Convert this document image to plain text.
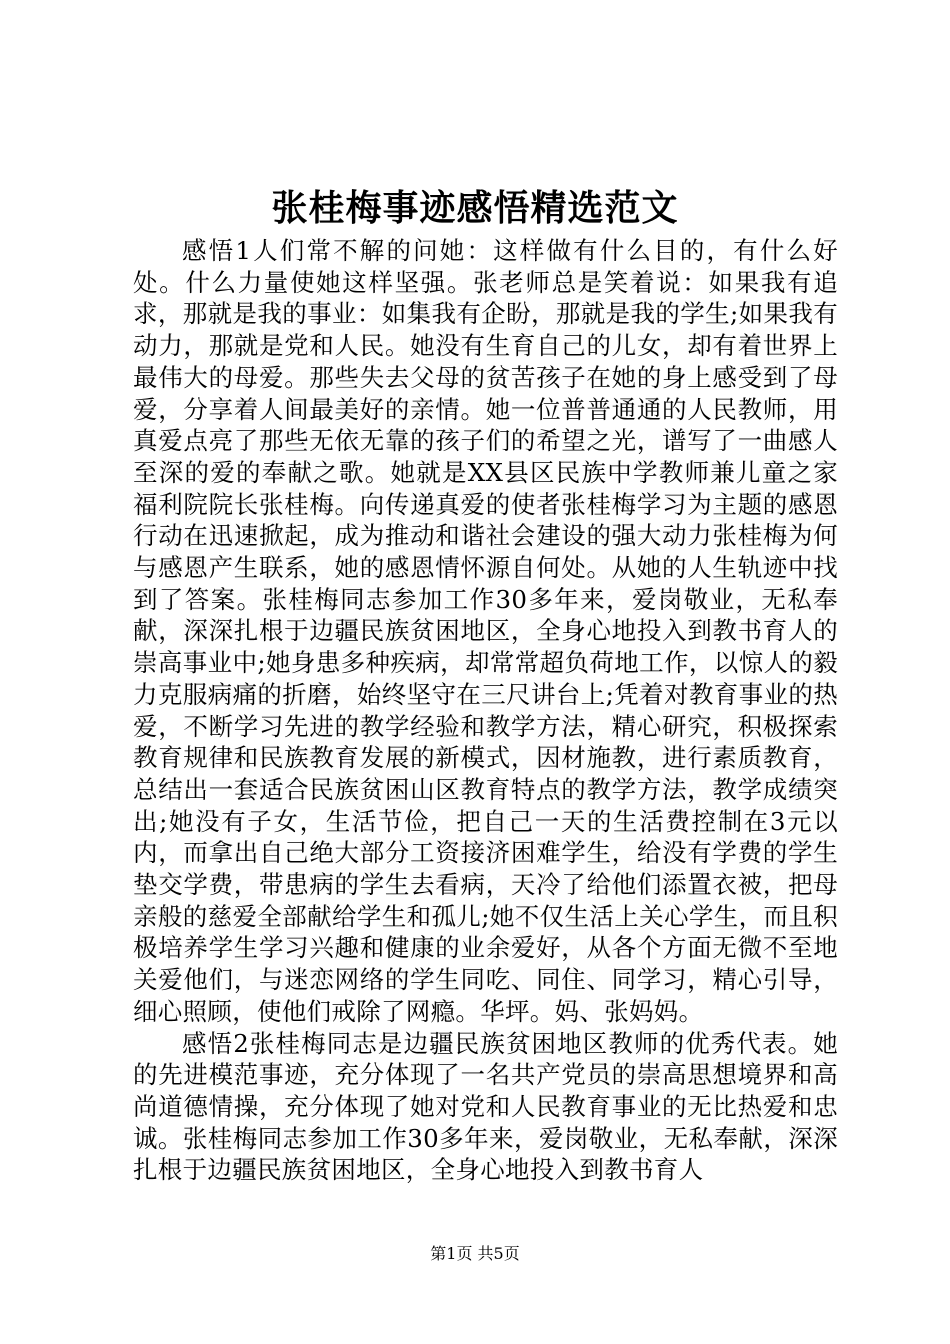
张桂梅事迹感悟精选范文

感悟1人们常不解的问她：这样做有什么目的，有什么好处。什么力量使她这样坚强。张老师总是笑着说：如果我有追求，那就是我的事业：如集我有企盼，那就是我的学生;如果我有动力，那就是党和人民。她没有生育自己的儿女，却有着世界上最伟大的母爱。那些失去父母的贫苦孩子在她的身上感受到了母爱，分享着人间最美好的亲情。她一位普普通通的人民教师，用真爱点亮了那些无依无靠的孩子们的希望之光，谱写了一曲感人至深的爱的奉献之歌。她就是XX县区民族中学教师兼儿童之家福利院院长张桂梅。向传递真爱的使者张桂梅学习为主题的感恩行动在迅速掀起，成为推动和谐社会建设的强大动力张桂梅为何与感恩产生联系，她的感恩情怀源自何处。从她的人生轨迹中找到了答案。张桂梅同志参加工作30多年来，爱岗敬业，无私奉献，深深扎根于边疆民族贫困地区，全身心地投入到教书育人的崇高事业中;她身患多种疾病，却常常超负荷地工作，以惊人的毅力克服病痛的折磨，始终坚守在三尺讲台上;凭着对教育事业的热爱，不断学习先进的教学经验和教学方法，精心研究，积极探索教育规律和民族教育发展的新模式，因材施教，进行素质教育，总结出一套适合民族贫困山区教育特点的教学方法，教学成绩突出;她没有子女，生活节俭，把自己一天的生活费控制在3元以内，而拿出自己绝大部分工资接济困难学生，给没有学费的学生垫交学费，带患病的学生去看病，天冷了给他们添置衣被，把母亲般的慈爱全部献给学生和孤儿;她不仅生活上关心学生，而且积极培养学生学习兴趣和健康的业余爱好，从各个方面无微不至地关爱他们，与迷恋网络的学生同吃、同住、同学习，精心引导，细心照顾，使他们戒除了网瘾。华坪。妈、张妈妈。

感悟2张桂梅同志是边疆民族贫困地区教师的优秀代表。她的先进模范事迹，充分体现了一名共产党员的崇高思想境界和高尚道德情操，充分体现了她对党和人民教育事业的无比热爱和忠诚。张桂梅同志参加工作30多年来，爱岗敬业，无私奉献，深深扎根于边疆民族贫困地区，全身心地投入到教书育人

第1页 共5页
